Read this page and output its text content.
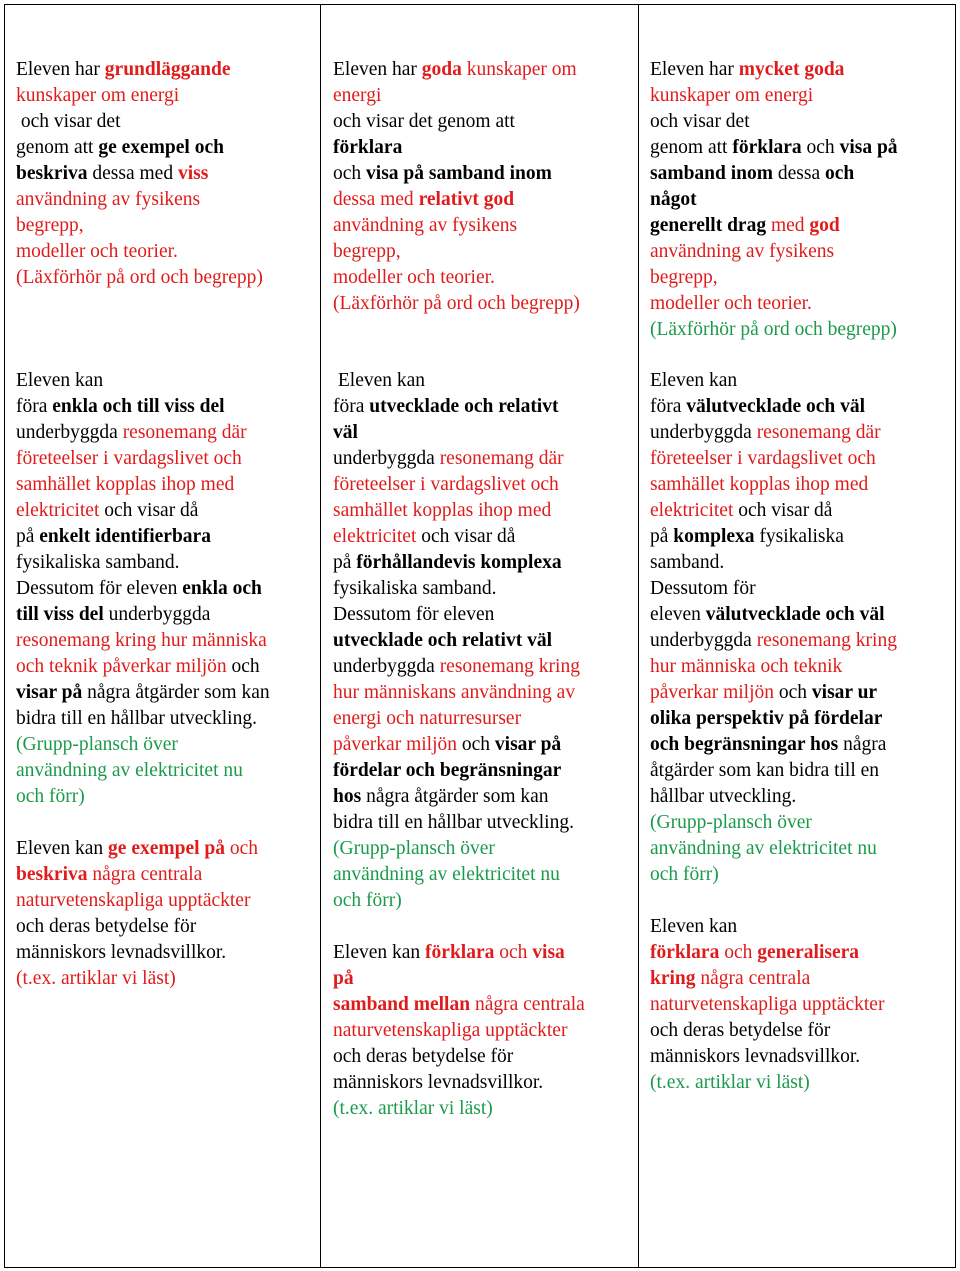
Eleven har grundläggande
kunskaper om energi
och visar det
genom att ge exempel och
beskriva dessa med viss
användning av fysikens
begrepp,
modeller och teorier.
(Läxförhör på ord och begrepp)
Eleven har goda kunskaper om
energi
och visar det genom att
förklara
och visa på samband inom
dessa med relativt god
användning av fysikens
begrepp,
modeller och teorier.
(Läxförhör på ord och begrepp)
Eleven har mycket goda
kunskaper om energi
och visar det
genom att förklara och visa på
samband inom dessa och
något
generellt drag med god
användning av fysikens
begrepp,
modeller och teorier.
(Läxförhör på ord och begrepp)
Eleven kan
föra enkla och till viss del
underbyggda resonemang där
företeelser i vardagslivet och
samhället kopplas ihop med
elektricitet och visar då
på enkelt identifierbara
fysikaliska samband.
Dessutom för eleven enkla och
till viss del underbyggda
resonemang kring hur människa
och teknik påverkar miljön och
visar på några åtgärder som kan
bidra till en hållbar utveckling.
(Grupp-plansch över
användning av elektricitet nu
och förr)
Eleven kan ge exempel på och
beskriva några centrala
naturvetenskapliga upptäckter
och deras betydelse för
människors levnadsvillkor.
(t.ex. artiklar vi läst)
Eleven kan
föra utvecklade och relativt
väl
underbyggda resonemang där
företeelser i vardagslivet och
samhället kopplas ihop med
elektricitet och visar då
på förhållandevis komplexa
fysikaliska samband.
Dessutom för eleven
utvecklade och relativt väl
underbyggda resonemang kring
hur människans användning av
energi och naturresurser
påverkar miljön och visar på
fördelar och begränsningar
hos några åtgärder som kan
bidra till en hållbar utveckling.
(Grupp-plansch över
användning av elektricitet nu
och förr)
Eleven kan förklara och visa
på
samband mellan några centrala
naturvetenskapliga upptäckter
och deras betydelse för
människors levnadsvillkor.
(t.ex. artiklar vi läst)
Eleven kan
föra välutvecklade och väl
underbyggda resonemang där
företeelser i vardagslivet och
samhället kopplas ihop med
elektricitet och visar då
på komplexa fysikaliska
samband.
Dessutom för
eleven välutvecklade och väl
underbyggda resonemang kring
hur människa och teknik
påverkar miljön och visar ur
olika perspektiv på fördelar
och begränsningar hos några
åtgärder som kan bidra till en
hållbar utveckling.
(Grupp-plansch över
användning av elektricitet nu
och förr)
Eleven kan
förklara och generalisera
kring några centrala
naturvetenskapliga upptäckter
och deras betydelse för
människors levnadsvillkor.
(t.ex. artiklar vi läst)
